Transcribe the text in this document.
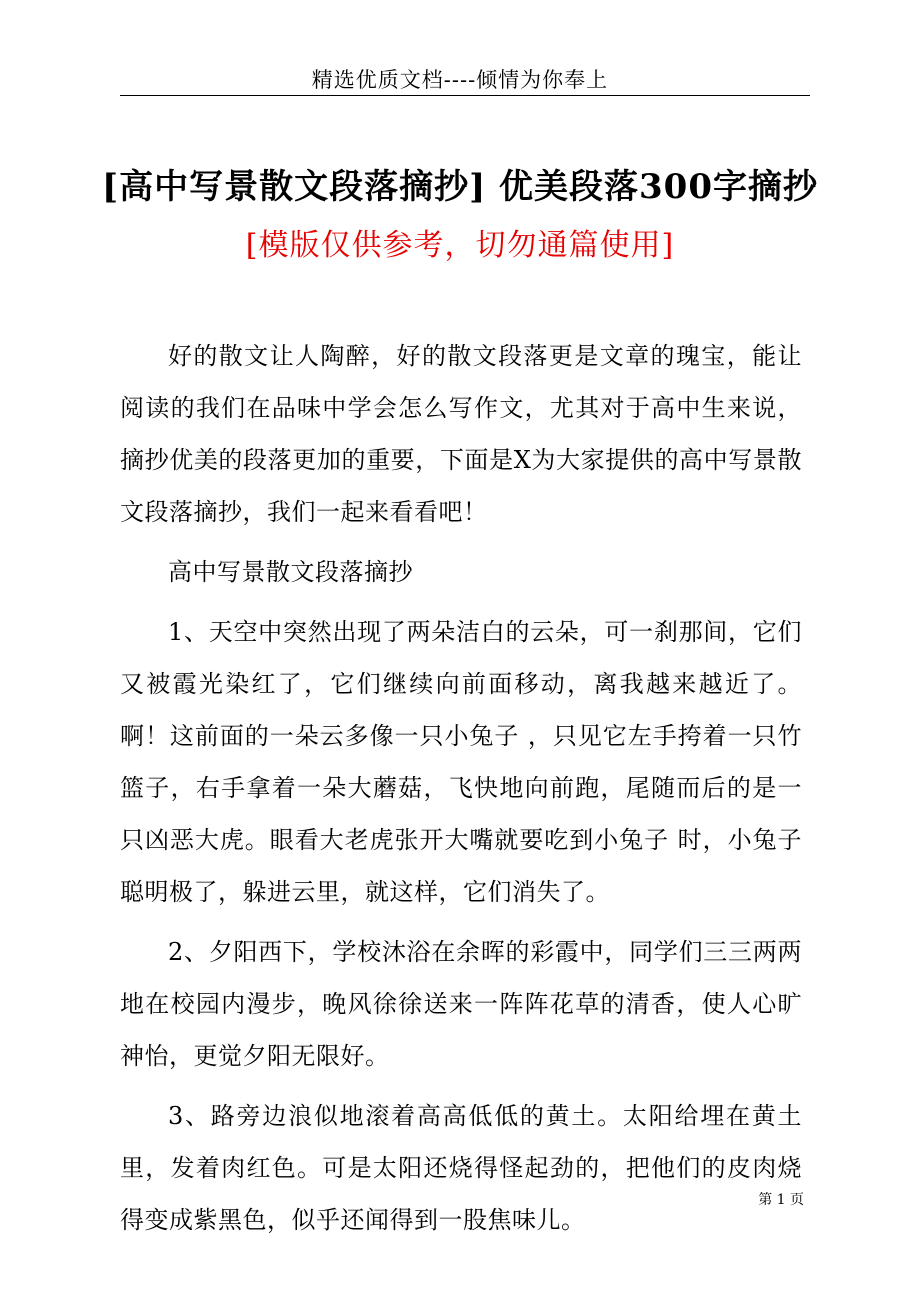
精选优质文档----倾情为你奉上
[高中写景散文段落摘抄] 优美段落300字摘抄
[模版仅供参考，切勿通篇使用]

好的散文让人陶醉，好的散文段落更是文章的瑰宝，能让阅读的我们在品味中学会怎么写作文，尤其对于高中生来说，摘抄优美的段落更加的重要，下面是X为大家提供的高中写景散文段落摘抄，我们一起来看看吧！

高中写景散文段落摘抄

1、天空中突然出现了两朵洁白的云朵，可一刹那间，它们又被霞光染红了，它们继续向前面移动，离我越来越近了。啊！这前面的一朵云多像一只小兔子 ，只见它左手挎着一只竹篮子，右手拿着一朵大蘑菇，飞快地向前跑，尾随而后的是一只凶恶大虎。眼看大老虎张开大嘴就要吃到小兔子 时，小兔子聪明极了，躲进云里，就这样，它们消失了。

2、夕阳西下，学校沐浴在余晖的彩霞中，同学们三三两两地在校园内漫步，晚风徐徐送来一阵阵花草的清香，使人心旷神怡，更觉夕阳无限好。

3、路旁边浪似地滚着高高低低的黄土。太阳给埋在黄土里，发着肉红色。可是太阳还烧得怪起劲的，把他们的皮肉烧得变成紫黑色，似乎还闻得到一股焦味儿。

第 1 页
